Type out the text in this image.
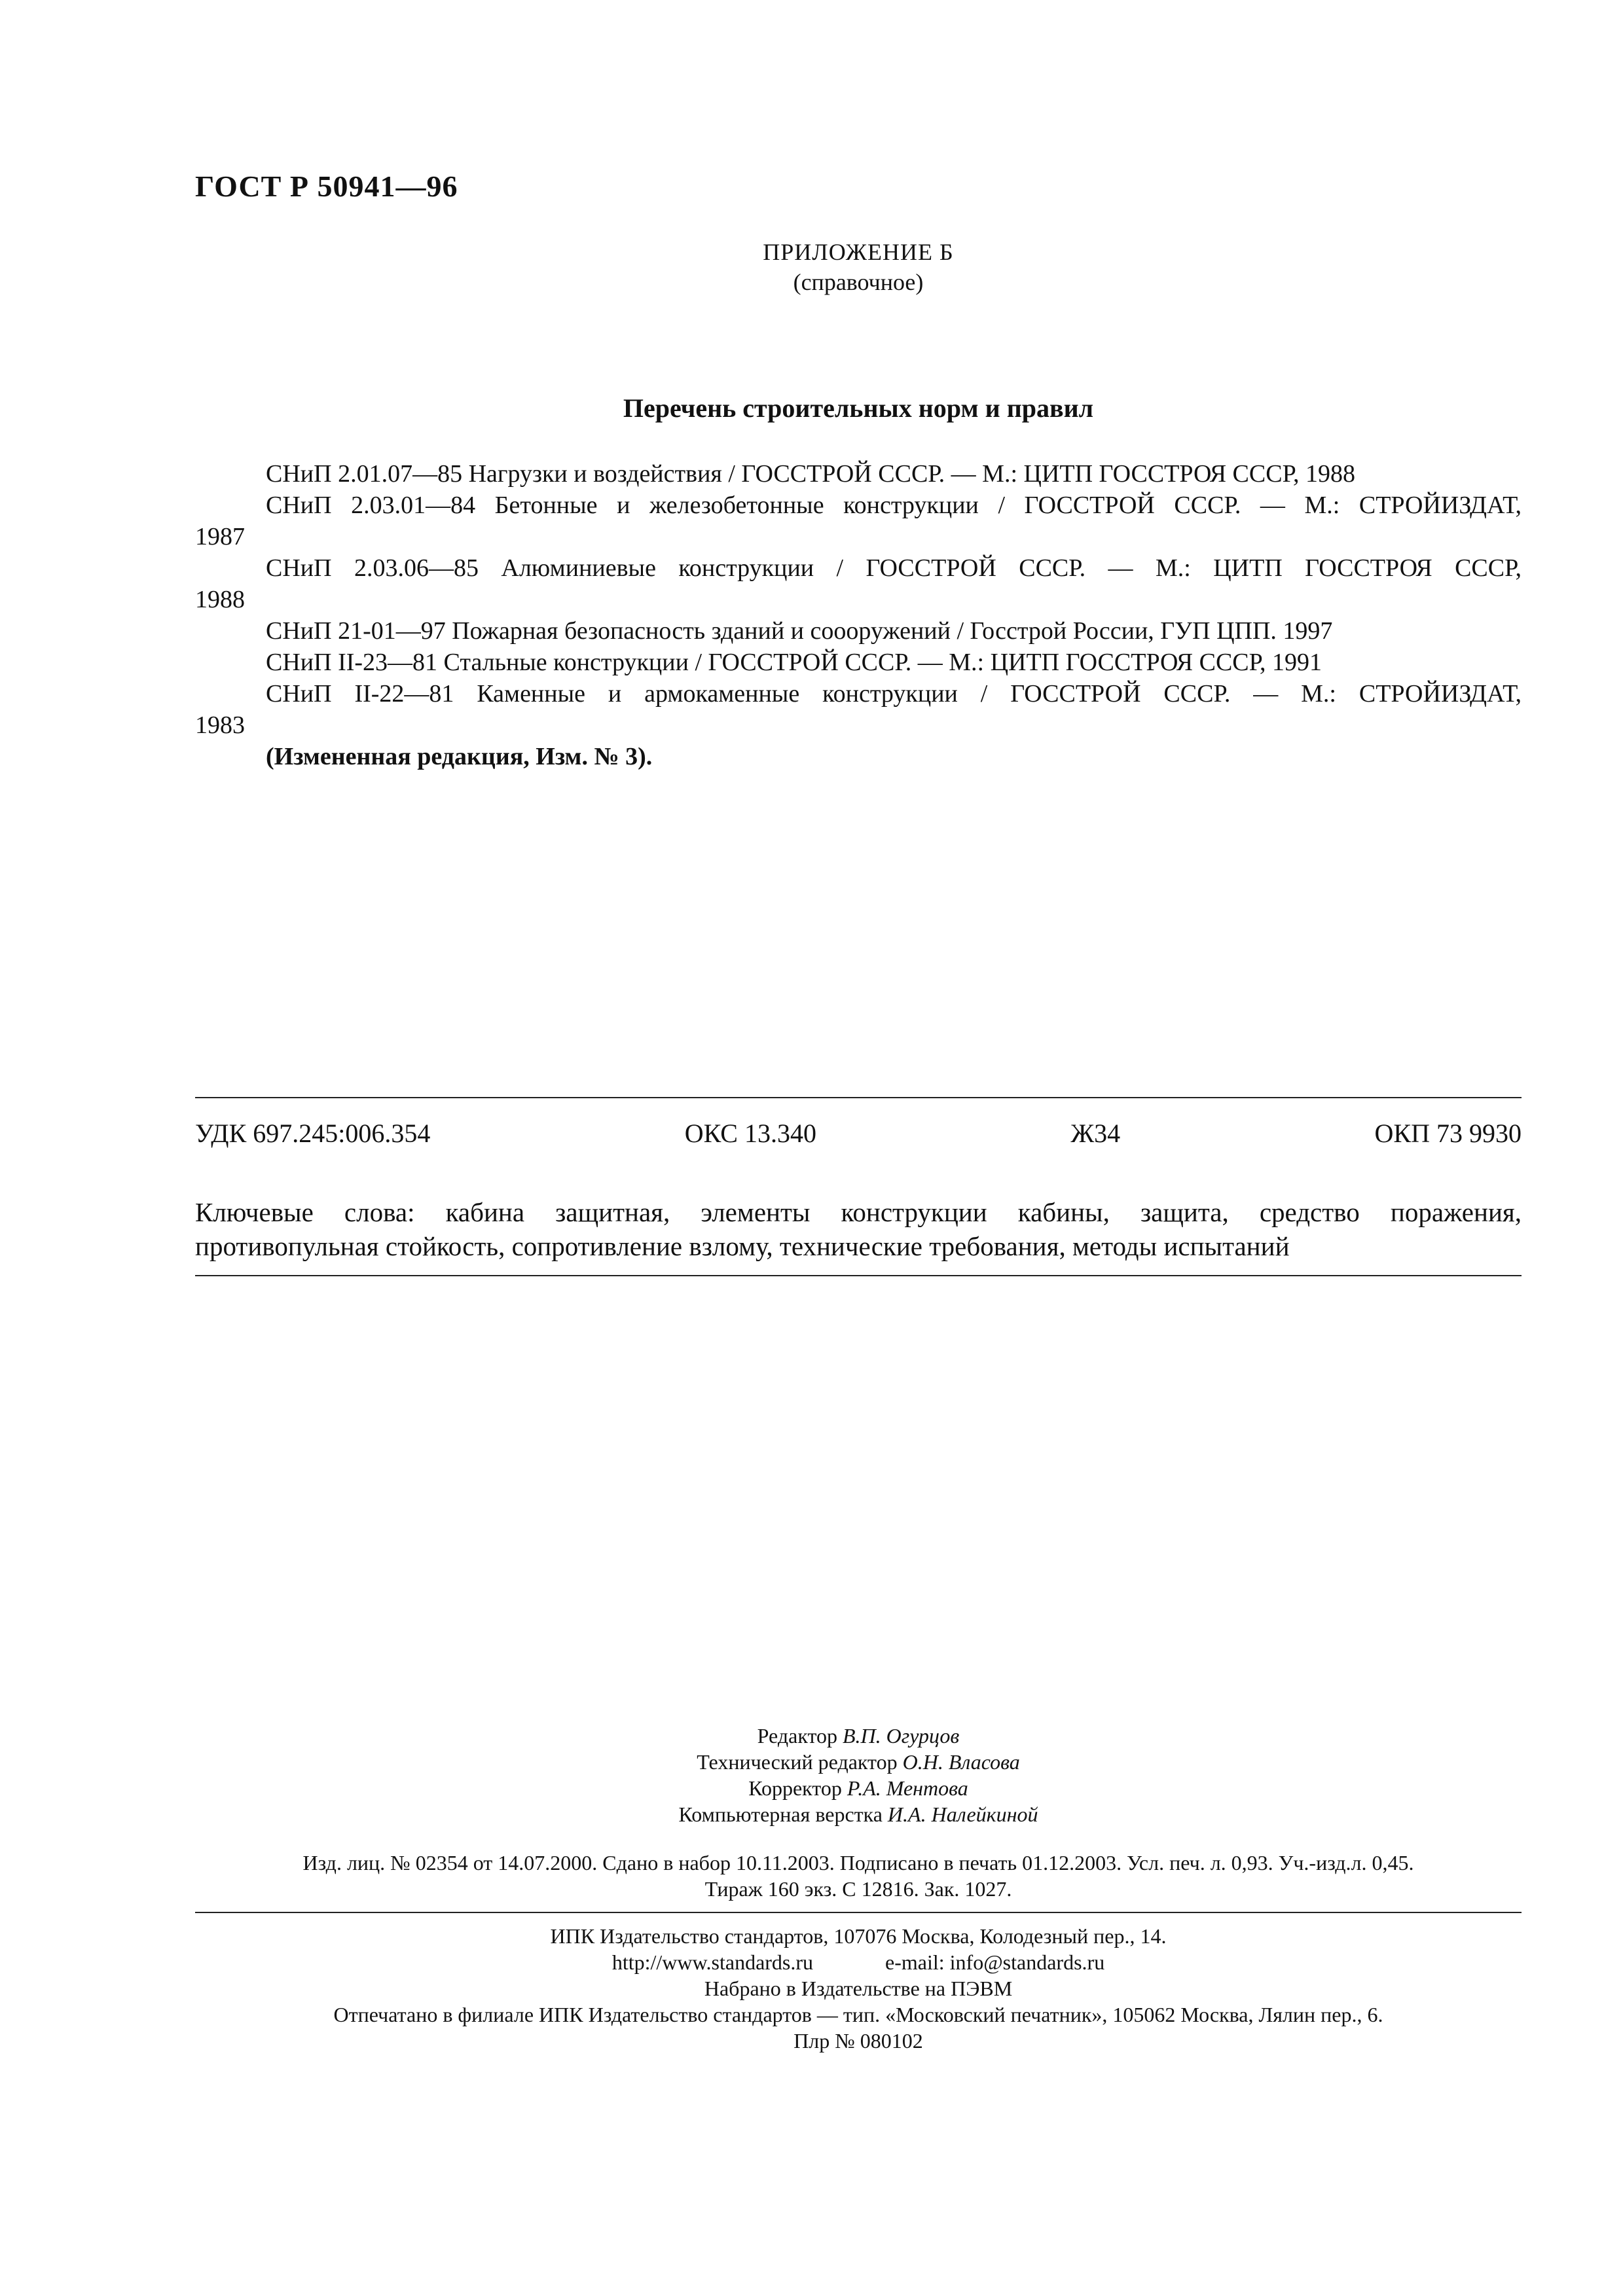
ГОСТ Р 50941—96
ПРИЛОЖЕНИЕ Б
(справочное)
Перечень строительных норм и правил
СНиП 2.01.07—85 Нагрузки и воздействия / ГОССТРОЙ СССР. — М.: ЦИТП ГОССТРОЯ СССР, 1988
СНиП 2.03.01—84 Бетонные и железобетонные конструкции / ГОССТРОЙ СССР. — М.: СТРОЙИЗДАТ,
1987
СНиП 2.03.06—85 Алюминиевые конструкции / ГОССТРОЙ СССР. — М.: ЦИТП ГОССТРОЯ СССР,
1988
СНиП 21-01—97 Пожарная безопасность зданий и соооружений / Госстрой России, ГУП ЦПП. 1997
СНиП II-23—81 Стальные конструкции / ГОССТРОЙ СССР. — М.: ЦИТП ГОССТРОЯ СССР, 1991
СНиП II-22—81 Каменные и армокаменные конструкции / ГОССТРОЙ СССР. — М.: СТРОЙИЗДАТ,
1983
(Измененная редакция, Изм. № 3).
УДК 697.245:006.354	ОКС 13.340	Ж34	ОКП 73 9930
Ключевые слова: кабина защитная, элементы конструкции кабины, защита, средство поражения,
противопульная стойкость, сопротивление взлому, технические требования, методы испытаний
Редактор В.П. Огурцов
Технический редактор О.Н. Власова
Корректор Р.А. Ментова
Компьютерная верстка И.А. Налейкиной
Изд. лиц. № 02354 от 14.07.2000. Сдано в набор 10.11.2003. Подписано в печать 01.12.2003. Усл. печ. л. 0,93. Уч.-изд.л. 0,45.
Тираж 160 экз. С 12816. Зак. 1027.
ИПК Издательство стандартов, 107076 Москва, Колодезный пер., 14.
http://www.standards.ru	e-mail: info@standards.ru
Набрано в Издательстве на ПЭВМ
Отпечатано в филиале ИПК Издательство стандартов — тип. «Московский печатник», 105062 Москва, Лялин пер., 6.
Плр № 080102
